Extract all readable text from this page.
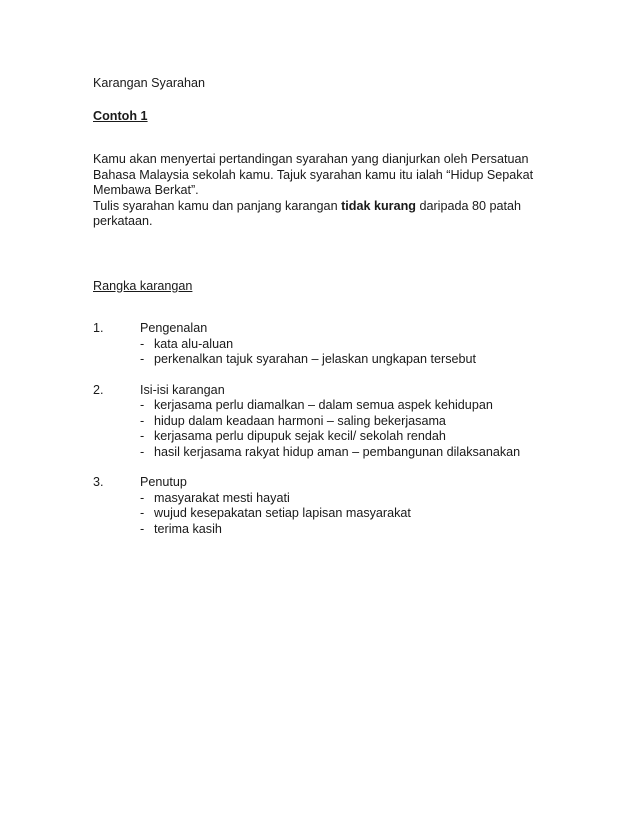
Karangan Syarahan

Contoh 1

Kamu akan menyertai pertandingan syarahan yang dianjurkan oleh Persatuan
Bahasa Malaysia sekolah kamu. Tajuk syarahan kamu itu ialah “Hidup Sepakat
Membawa Berkat”.
Tulis syarahan kamu dan panjang karangan tidak kurang daripada 80 patah
perkataan.

Rangka karangan

1.	Pengenalan
- kata alu-aluan
- perkenalkan tajuk syarahan – jelaskan ungkapan tersebut
2.	Isi-isi karangan
- kerjasama perlu diamalkan – dalam semua aspek kehidupan
- hidup dalam keadaan harmoni – saling bekerjasama
- kerjasama perlu dipupuk sejak kecil/ sekolah rendah
- hasil kerjasama rakyat hidup aman – pembangunan dilaksanakan
3.	Penutup
- masyarakat mesti hayati
- wujud kesepakatan setiap lapisan masyarakat
- terima kasih
